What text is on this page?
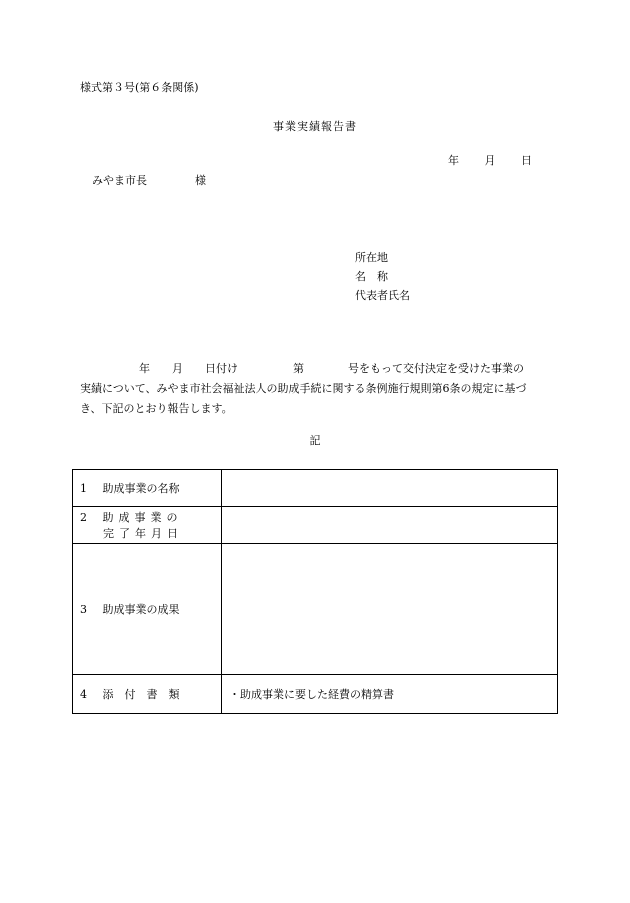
様式第３号(第６条関係)
事業実績報告書
年 月 日
みやま市長	様
所在地
名　称
代表者氏名
年　　月　　日付け　　　　　第　　　　号をもって交付決定を受けた事業の
実績について、みやま市社会福祉法人の助成手続に関する条例施行規則第6条の規定に基づ
き、下記のとおり報告します。
記
1 助成事業の名称	

2 助成事業の
完了年月日	

3 助成事業の成果	
4 添　付　書　類	・助成事業に要した経費の精算書
